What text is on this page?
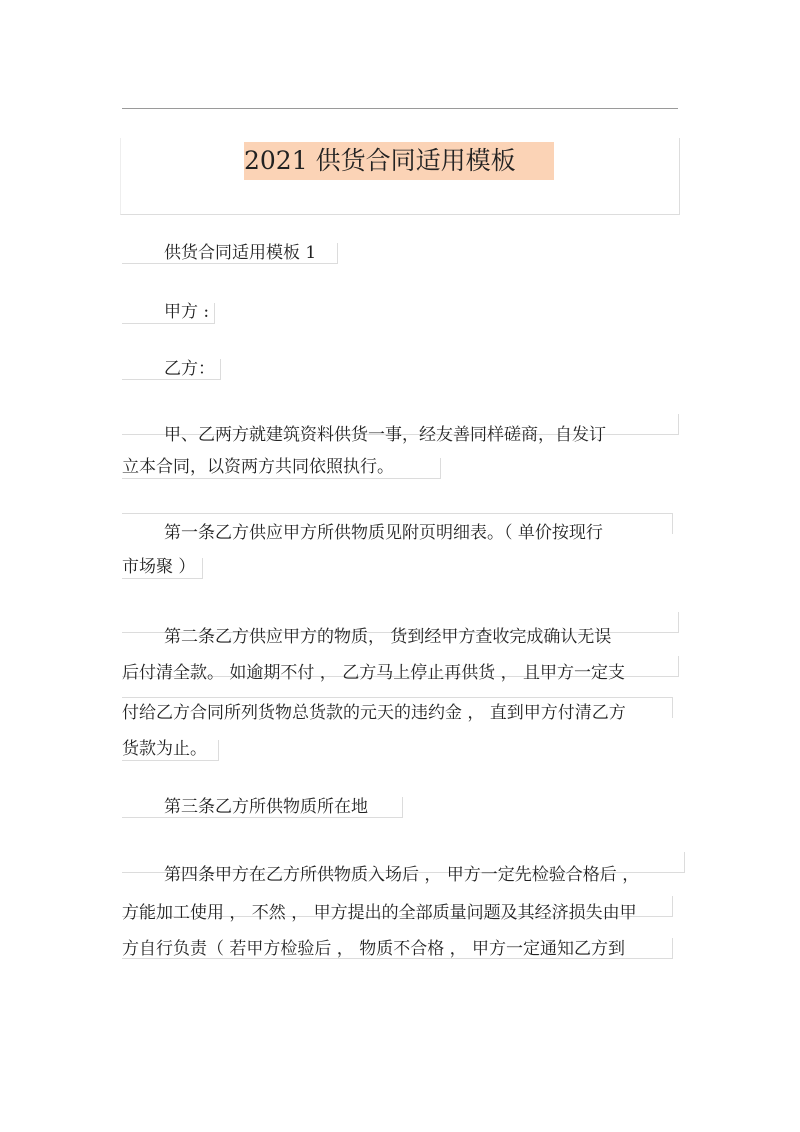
2021 供货合同适用模板
供货合同适用模板 1
甲方 :
乙方：
甲、乙两方就建筑资料供货一事，经友善同样磋商，自发订
立本合同，以资两方共同依照执行。
第一条乙方供应甲方所供物质见附页明细表。（ 单价按现行
市场聚 ）
第二条乙方供应甲方的物质， 货到经甲方查收完成确认无误
后付清全款。 如逾期不付 ， 乙方马上停止再供货 ， 且甲方一定支
付给乙方合同所列货物总货款的元天的违约金 ， 直到甲方付清乙方
货款为止。
第三条乙方所供物质所在地
第四条甲方在乙方所供物质入场后 ， 甲方一定先检验合格后 ，
方能加工使用 ， 不然 ， 甲方提出的全部质量问题及其经济损失由甲
方自行负责（ 若甲方检验后 ， 物质不合格 ， 甲方一定通知乙方到
